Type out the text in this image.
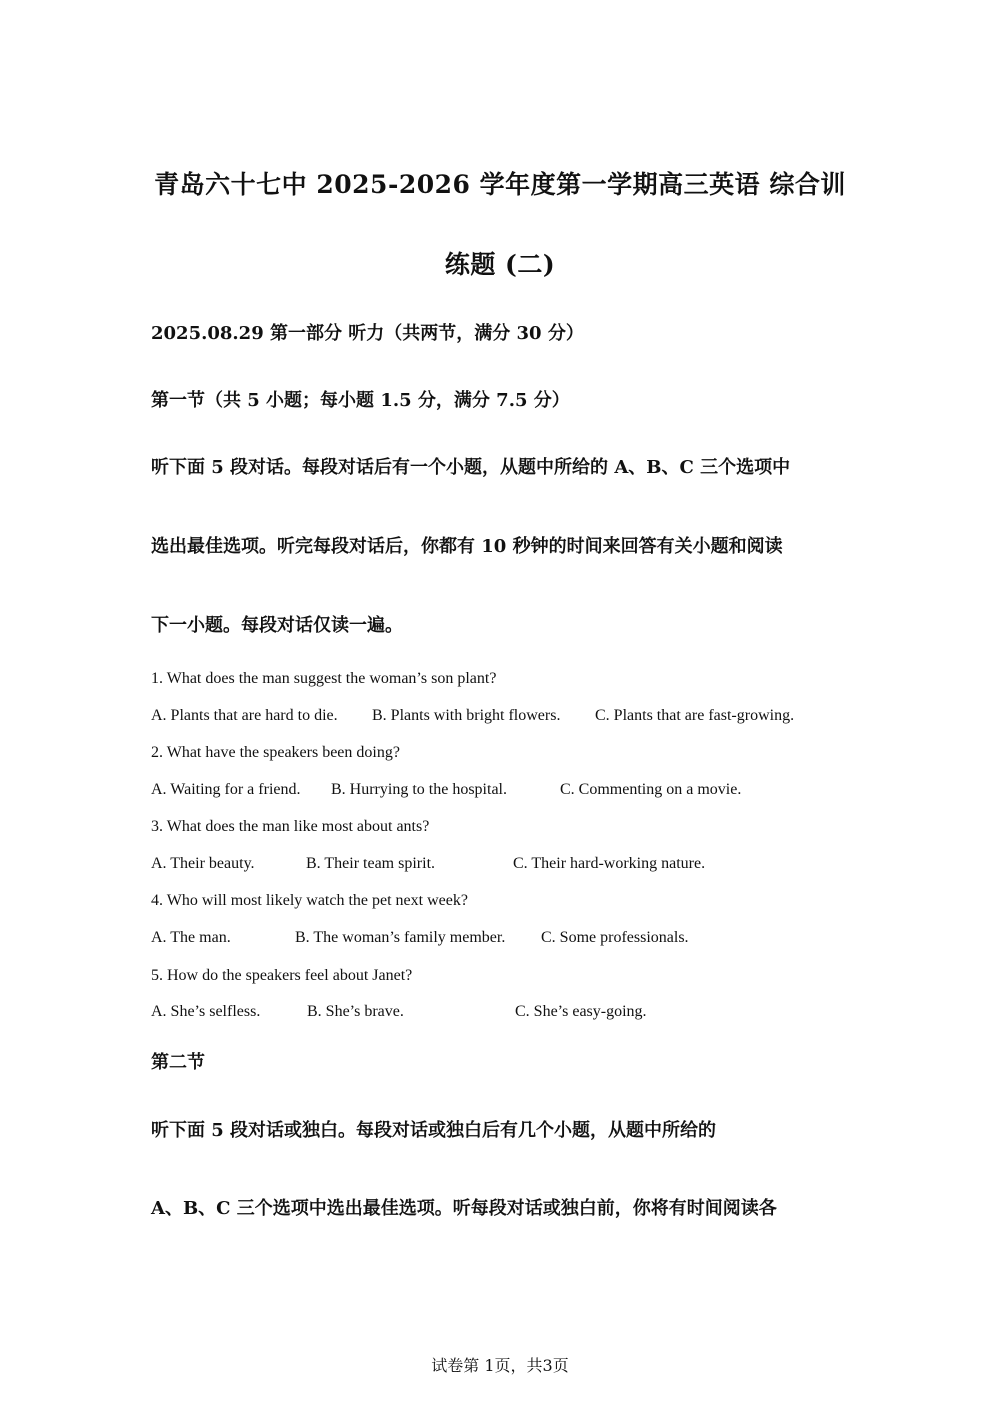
青岛六十七中 2025-2026 学年度第一学期高三英语 综合训
练题 (二)
2025.08.29 第一部分 听力（共两节，满分 30 分）
第一节（共 5 小题；每小题 1.5 分，满分 7.5 分）
听下面 5 段对话。每段对话后有一个小题，从题中所给的 A、B、C 三个选项中
选出最佳选项。听完每段对话后，你都有 10 秒钟的时间来回答有关小题和阅读
下一小题。每段对话仅读一遍。
1. What does the man suggest the woman’s son plant?
A. Plants that are hard to die. B. Plants with bright flowers. C. Plants that are fast-growing.
2. What have the speakers been doing?
A. Waiting for a friend. B. Hurrying to the hospital.	C. Commenting on a movie.
3. What does the man like most about ants?
A. Their beauty.	B. Their team spirit.	C. Their hard-working nature.
4. Who will most likely watch the pet next week?
A. The man.	B. The woman’s family member. C. Some professionals.
5. How do the speakers feel about Janet?
A. She’s selfless.	B. She’s brave.	C. She’s easy-going.
第二节
听下面 5 段对话或独白。每段对话或独白后有几个小题，从题中所给的
A、B、C 三个选项中选出最佳选项。听每段对话或独白前，你将有时间阅读各
试卷第 1页，共3页
